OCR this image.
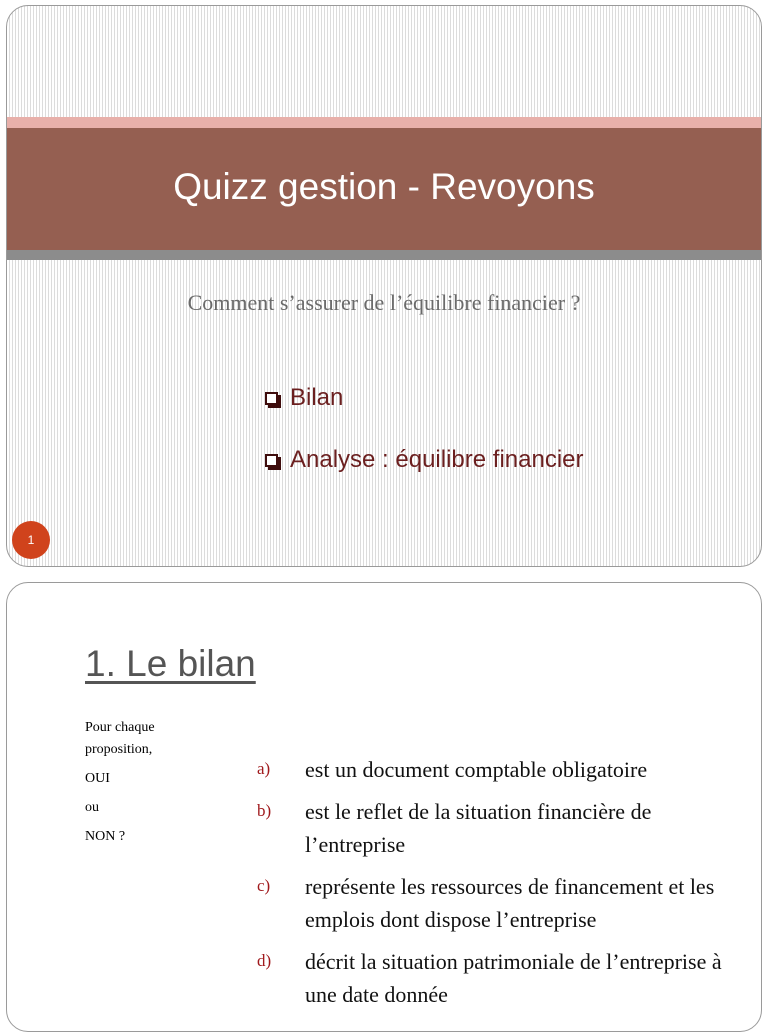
Quizz gestion - Revoyons
Comment s’assurer de l’équilibre financier ?
Bilan
Analyse : équilibre financier
1
1. Le bilan
Pour chaque
proposition,
OUI
ou
NON ?
a)	est un document comptable obligatoire
b)	est le reflet de la situation financière de l’entreprise
c)	représente les ressources de financement et les emplois dont dispose l’entreprise
d)	décrit la situation patrimoniale de l’entreprise à une date donnée
